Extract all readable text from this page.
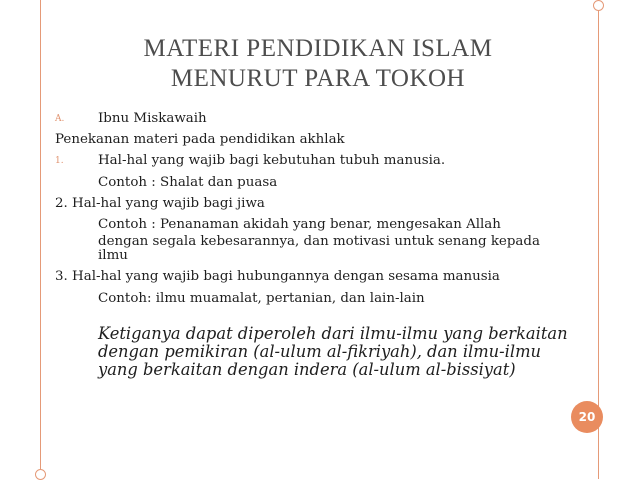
MATERI PENDIDIKAN ISLAM
MENURUT PARA TOKOH
A.	Ibnu Miskawaih
Penekanan materi pada pendidikan akhlak
1.	Hal-hal yang wajib bagi kebutuhan tubuh manusia.
Contoh : Shalat dan puasa
2. Hal-hal yang wajib bagi jiwa
Contoh : Penanaman akidah yang benar, mengesakan Allah
dengan segala kebesarannya, dan motivasi untuk senang kepada
ilmu
3. Hal-hal yang wajib bagi hubungannya dengan sesama manusia
Contoh: ilmu muamalat, pertanian, dan lain-lain
Ketiganya dapat diperoleh dari ilmu-ilmu yang berkaitan
dengan pemikiran (al-ulum al-fikriyah), dan ilmu-ilmu
yang berkaitan dengan indera (al-ulum al-bissiyat)
20
